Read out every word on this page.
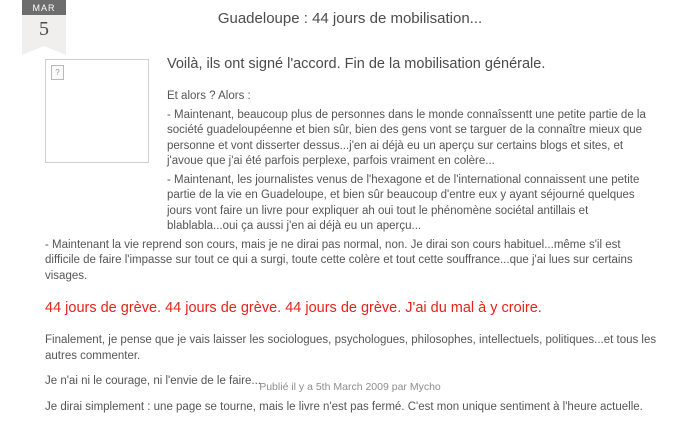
MAR
5	Guadeloupe : 44 jours de mobilisation...
?

Voilà, ils ont signé l'accord. Fin de la mobilisation générale.

Et alors ? Alors :

- Maintenant, beaucoup plus de personnes dans le monde connaîssentt une petite partie de la société guadeloupéenne et bien sûr, bien des gens vont se targuer de la connaître mieux que personne et vont disserter dessus...j'en ai déjà eu un aperçu sur certains blogs et sites, et j'avoue que j'ai été parfois perplexe, parfois vraiment en colère...

- Maintenant, les journalistes venus de l'hexagone et de l'international connaissent une petite partie de la vie en Guadeloupe, et bien sûr beaucoup d'entre eux y ayant séjourné quelques jours vont faire un livre pour expliquer ah oui tout le phénomène sociétal antillais et blablabla...oui ça aussi j'en ai déjà eu un aperçu...

- Maintenant la vie reprend son cours, mais je ne dirai pas normal, non. Je dirai son cours habituel...même s'il est difficile de faire l'impasse sur tout ce qui a surgi, toute cette colère et tout cette souffrance...que j'ai lues sur certains visages.

44 jours de grève. 44 jours de grève. 44 jours de grève. J'ai du mal à y croire.

Finalement, je pense que je vais laisser les sociologues, psychologues, philosophes, intellectuels, politiques...et tous les autres commenter.

Je n'ai ni le courage, ni l'envie de le faire...

Je dirai simplement : une page se tourne, mais le livre n'est pas fermé. C'est mon unique sentiment à l'heure actuelle.

Publié il y a 5th March 2009 par Mycho
